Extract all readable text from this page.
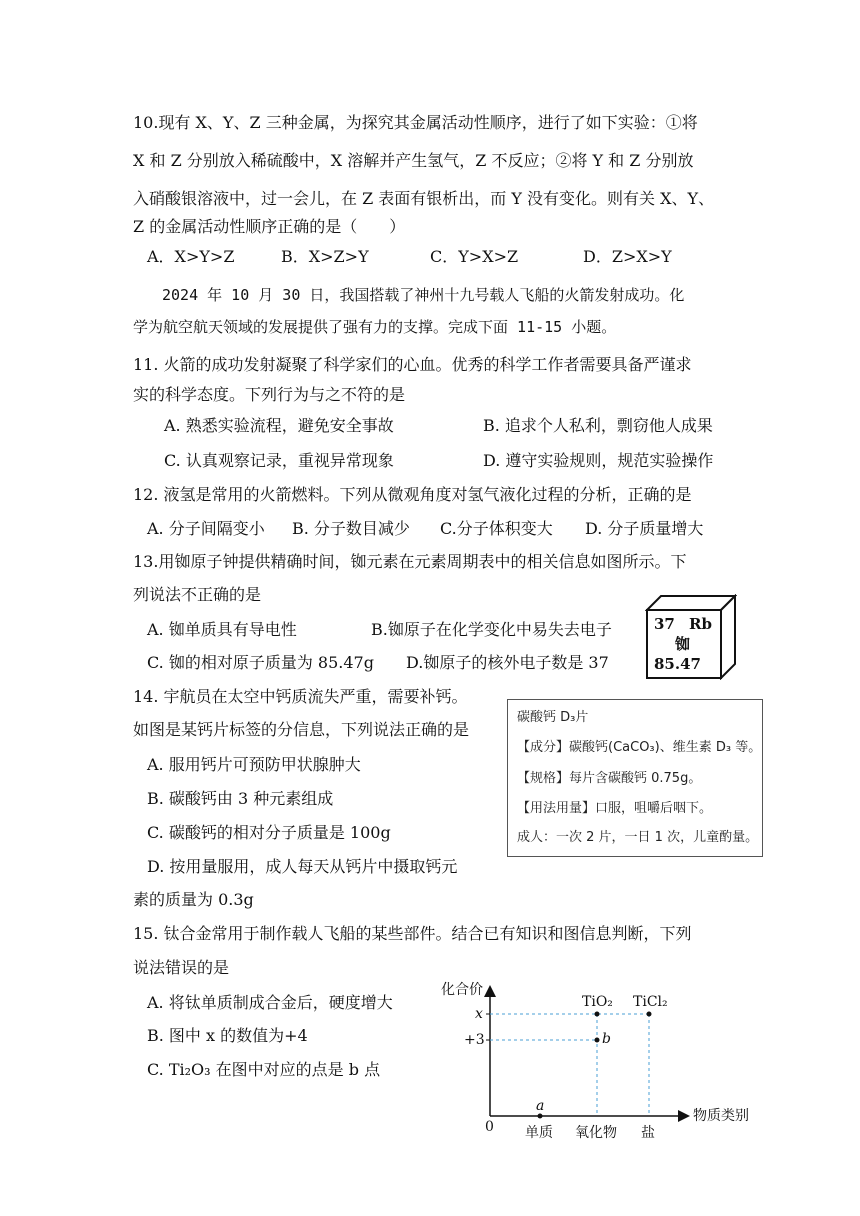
10.现有 X、Y、Z 三种金属，为探究其金属活动性顺序，进行了如下实验：①将
X 和 Z 分别放入稀硫酸中，X 溶解并产生氢气，Z 不反应；②将 Y 和 Z 分别放
入硝酸银溶液中，过一会儿，在 Z 表面有银析出，而 Y 没有变化。则有关 X、Y、
Z 的金属活动性顺序正确的是（　　）
A．X>Y>Z	B．X>Z>Y	C．Y>X>Z	D．Z>X>Y
2024 年 10 月 30 日，我国搭载了神州十九号载人飞船的火箭发射成功。化
学为航空航天领域的发展提供了强有力的支撑。完成下面 11-15 小题。
11. 火箭的成功发射凝聚了科学家们的心血。优秀的科学工作者需要具备严谨求
实的科学态度。下列行为与之不符的是
A. 熟悉实验流程，避免安全事故	B. 追求个人私利，剽窃他人成果
C. 认真观察记录，重视异常现象	D. 遵守实验规则，规范实验操作
12. 液氢是常用的火箭燃料。下列从微观角度对氢气液化过程的分析，正确的是
A. 分子间隔变小 B. 分子数目减少 C.分子体积变大 D. 分子质量增大
13.用铷原子钟提供精确时间，铷元素在元素周期表中的相关信息如图所示。下
列说法不正确的是
A. 铷单质具有导电性	B.铷原子在化学变化中易失去电子
C. 铷的相对原子质量为 85.47g D.铷原子的核外电子数是 37
37 Rb
铷
85.47
14. 宇航员在太空中钙质流失严重，需要补钙。
如图是某钙片标签的分信息，下列说法正确的是
A. 服用钙片可预防甲状腺肿大
B. 碳酸钙由 3 种元素组成
C. 碳酸钙的相对分子质量是 100g
D. 按用量服用，成人每天从钙片中摄取钙元
素的质量为 0.3g
碳酸钙 D₃片
【成分】碳酸钙(CaCO₃)、维生素 D₃ 等。
【规格】每片含碳酸钙 0.75g。
【用法用量】口服，咀嚼后咽下。
成人：一次 2 片，一日 1 次，儿童酌量。
15. 钛合金常用于制作载人飞船的某些部件。结合已有知识和图信息判断，下列
说法错误的是
A. 将钛单质制成合金后，硬度增大
B. 图中 x 的数值为+4
C. Ti₂O₃ 在图中对应的点是 b 点
化合价
物质类别
0
x
+3
单质 氧化物 盐
a
b
TiO₂ TiCl₂
